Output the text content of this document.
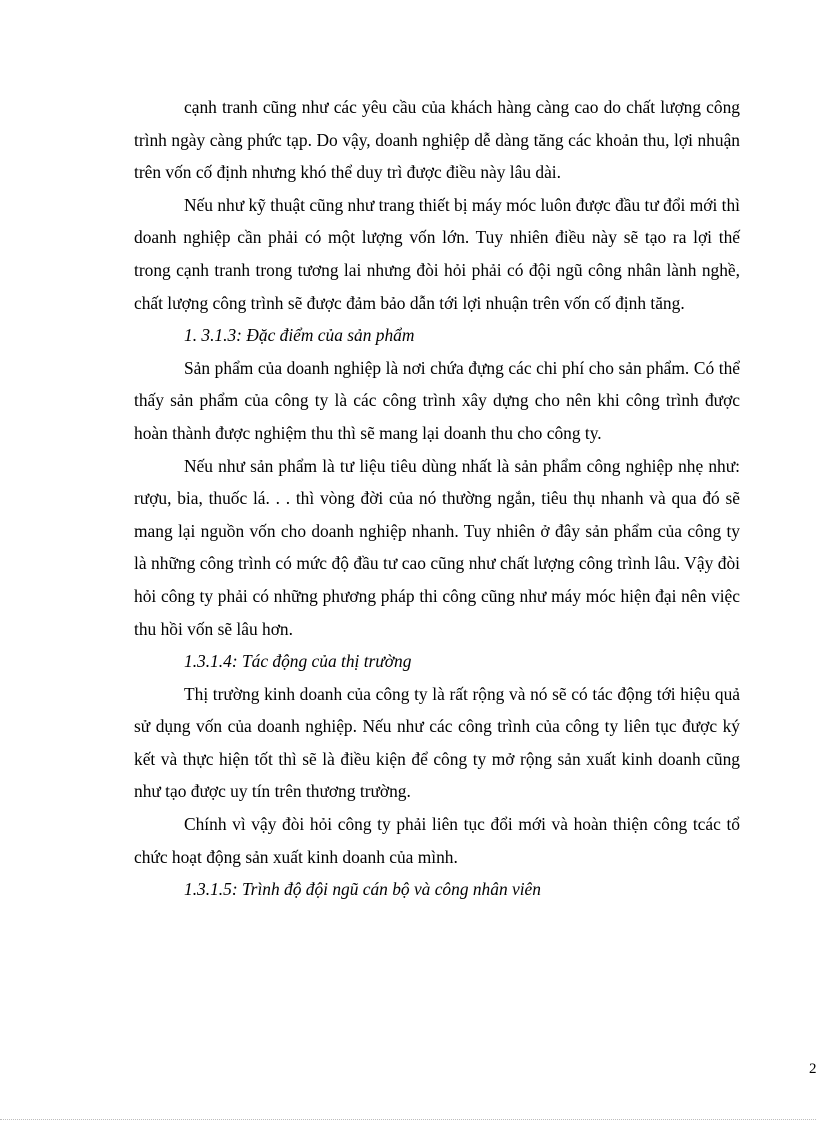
cạnh tranh cũng như các yêu cầu của khách hàng càng cao do chất lượng công trình ngày càng phức tạp. Do vậy, doanh nghiệp dễ dàng tăng các khoản thu, lợi nhuận trên vốn cố định nhưng khó thể duy trì được điều này lâu dài.

Nếu như kỹ thuật cũng như trang thiết bị máy móc luôn được đầu tư đổi mới thì doanh nghiệp cần phải có một lượng vốn lớn. Tuy nhiên điều này sẽ tạo ra lợi thế trong cạnh tranh trong tương lai nhưng đòi hỏi phải có đội ngũ công nhân lành nghề, chất lượng công trình sẽ được đảm bảo dẫn tới lợi nhuận trên vốn cố định tăng.

1. 3.1.3: Đặc điểm của sản phẩm

Sản phẩm của doanh nghiệp là nơi chứa đựng các chi phí cho sản phẩm. Có thể thấy sản phẩm của công ty là các công trình xây dựng cho nên khi công trình được hoàn thành được nghiệm thu thì sẽ mang lại doanh thu cho công ty.

Nếu như sản phẩm là tư liệu tiêu dùng nhất là sản phẩm công nghiệp nhẹ như: rượu, bia, thuốc lá. . . thì vòng đời của nó thường ngắn, tiêu thụ nhanh và qua đó sẽ mang lại nguồn vốn cho doanh nghiệp nhanh. Tuy nhiên ở đây sản phẩm của công ty là những công trình có mức độ đầu tư cao cũng như chất lượng công trình lâu. Vậy đòi hỏi công ty phải có những phương pháp thi công cũng như máy móc hiện đại nên việc thu hồi vốn sẽ lâu hơn.

1.3.1.4: Tác động của thị trường

Thị trường kinh doanh của công ty là rất rộng và nó sẽ có tác động tới hiệu quả sử dụng vốn của doanh nghiệp. Nếu như các công trình của công ty liên tục được ký kết và thực hiện tốt thì sẽ là điều kiện để công ty mở rộng sản xuất kinh doanh cũng như tạo được uy tín trên thương trường.

Chính vì vậy đòi hỏi công ty phải liên tục đổi mới và hoàn thiện công tcác tổ chức hoạt động sản xuất kinh doanh của mình.

1.3.1.5: Trình độ đội ngũ cán bộ và công nhân viên

2
